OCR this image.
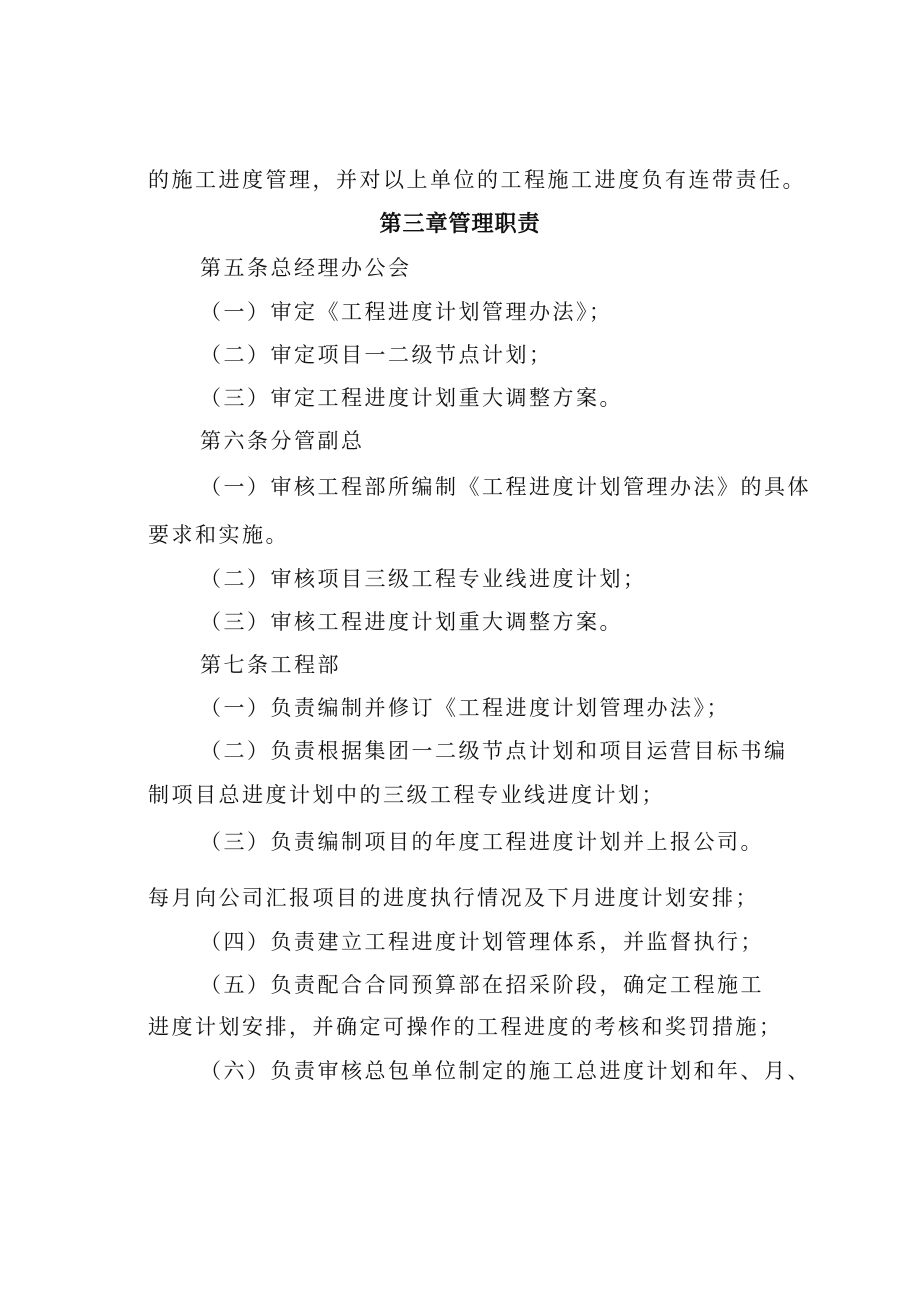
的施工进度管理，并对以上单位的工程施工进度负有连带责任。
第三章管理职责
第五条总经理办公会
（一）审定《工程进度计划管理办法》；
（二）审定项目一二级节点计划；
（三）审定工程进度计划重大调整方案。
第六条分管副总
（一）审核工程部所编制《工程进度计划管理办法》的具体
要求和实施。
（二）审核项目三级工程专业线进度计划；
（三）审核工程进度计划重大调整方案。
第七条工程部
（一）负责编制并修订《工程进度计划管理办法》；
（二）负责根据集团一二级节点计划和项目运营目标书编
制项目总进度计划中的三级工程专业线进度计划；
（三）负责编制项目的年度工程进度计划并上报公司。
每月向公司汇报项目的进度执行情况及下月进度计划安排；
（四）负责建立工程进度计划管理体系，并监督执行；
（五）负责配合合同预算部在招采阶段，确定工程施工
进度计划安排，并确定可操作的工程进度的考核和奖罚措施；
（六）负责审核总包单位制定的施工总进度计划和年、月、
